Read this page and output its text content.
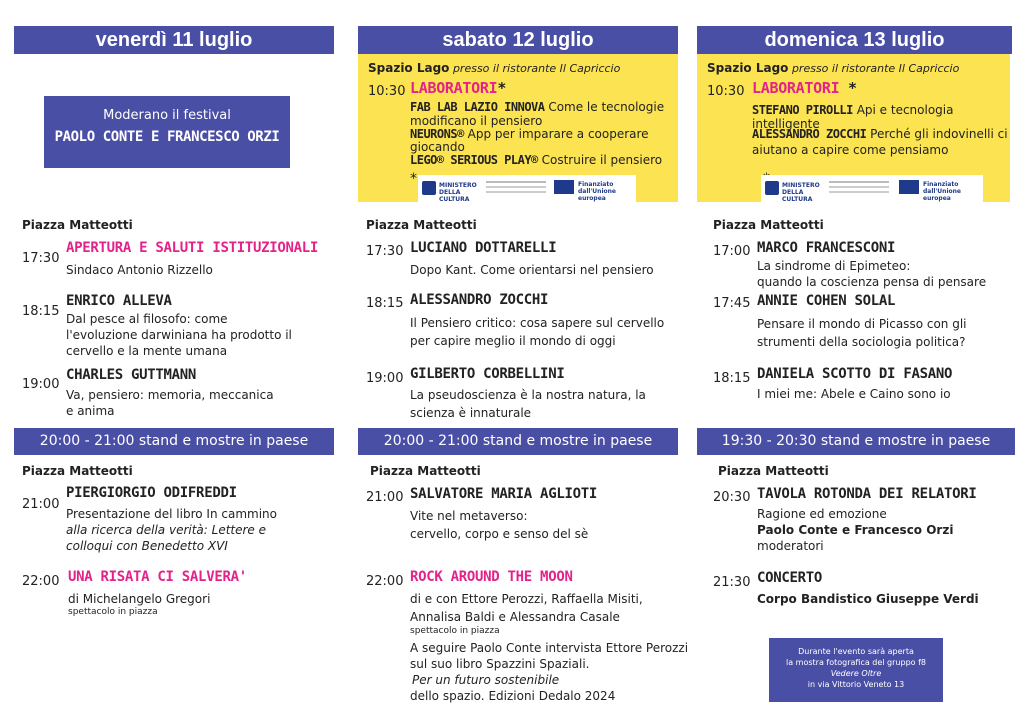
venerdì 11 luglio	sabato 12 luglio	domenica 13 luglio
Moderano il festival
PAOLO CONTE E FRANCESCO ORZI
Spazio Lago presso il ristorante Il Capriccio
10:30 LABORATORI*
FAB LAB LAZIO INNOVA Come le tecnologie
modificano il pensiero
NEURONS® App per imparare a cooperare
giocando
LEGO® SERIOUS PLAY® Costruire il pensiero
*	MINISTERO DELLA CULTURA
Finanziato dall'Unione europea
Spazio Lago presso il ristorante Il Capriccio
10:30 LABORATORI *
STEFANO PIROLLI Api e tecnologia intelligente
ALESSANDRO ZOCCHI Perché gli indovinelli ci
aiutano a capire come pensiamo
MINISTERO DELLA CULTURA
Finanziato dall'Unione europea
Piazza Matteotti	Piazza Matteotti	Piazza Matteotti
Piazza Matteotti	Piazza Matteotti	Piazza Matteotti
17:30
APERTURA E SALUTI ISTITUZIONALI
Sindaco Antonio Rizzello
18:15
ENRICO ALLEVA
Dal pesce al filosofo: come
l'evoluzione darwiniana ha prodotto il
cervello e la mente umana
19:00
CHARLES GUTTMANN
Va, pensiero: memoria, meccanica
e anima
17:30 LUCIANO DOTTARELLI
Dopo Kant. Come orientarsi nel pensiero
18:15 ALESSANDRO ZOCCHI
Il Pensiero critico: cosa sapere sul cervello
per capire meglio il mondo di oggi
19:00 GILBERTO CORBELLINI
La pseudoscienza è la nostra natura, la
scienza è innaturale
17:00 MARCO FRANCESCONI
La sindrome di Epimeteo:
quando la coscienza pensa di pensare
17:45 ANNIE COHEN SOLAL
Pensare il mondo di Picasso con gli
strumenti della sociologia politica?
18:15 DANIELA SCOTTO DI FASANO
I miei me: Abele e Caino sono io
20:00 - 21:00 stand e mostre in paese	20:00 - 21:00 stand e mostre in paese	19:30 - 20:30 stand e mostre in paese
21:00
PIERGIORGIO ODIFREDDI
Presentazione del libro In cammino
alla ricerca della verità: Lettere e
colloqui con Benedetto XVI
22:00 UNA RISATA CI SALVERA'
di Michelangelo Gregori
spettacolo in piazza
21:00 SALVATORE MARIA AGLIOTI
Vite nel metaverso:
cervello, corpo e senso del sè
22:00 ROCK AROUND THE MOON
di e con Ettore Perozzi, Raffaella Misiti,
Annalisa Baldi e Alessandra Casale
spettacolo in piazza
A seguire Paolo Conte intervista Ettore Perozzi
sul suo libro Spazzini Spaziali.
Per un futuro sostenibile
dello spazio. Edizioni Dedalo 2024
20:30 TAVOLA ROTONDA DEI RELATORI
Ragione ed emozione
Paolo Conte e Francesco Orzi
moderatori
21:30 CONCERTO
Corpo Bandistico Giuseppe Verdi
Durante l'evento sarà aperta
la mostra fotografica del gruppo f8
Vedere Oltre
in via Vittorio Veneto 13
